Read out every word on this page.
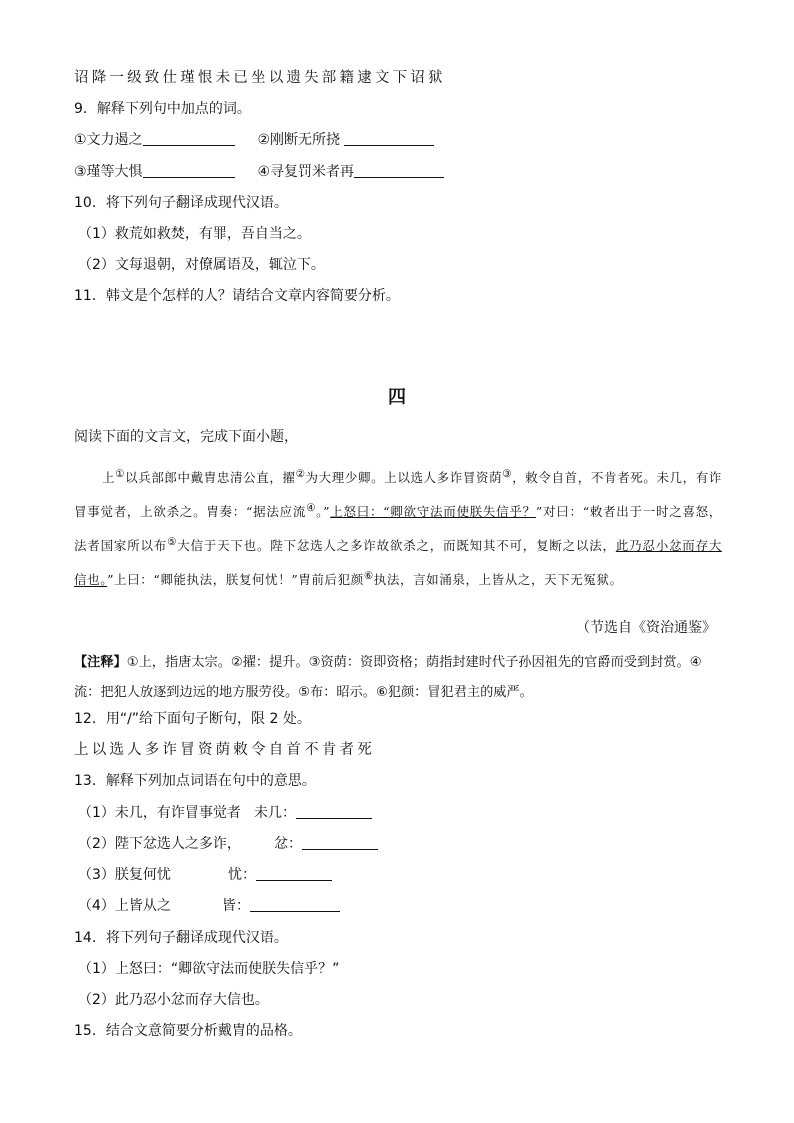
诏降一级致仕瑾恨未已坐以遗失部籍逮文下诏狱
9．解释下列句中加点的词。
①文力遏之	②刚断无所挠
③瑾等大惧	④寻复罚米者再
10．将下列句子翻译成现代汉语。
（1）救荒如救焚，有罪，吾自当之。
（2）文每退朝，对僚属语及，辄泣下。
11．韩文是个怎样的人？请结合文章内容简要分析。
四
阅读下面的文言文，完成下面小题，
上①以兵部郎中戴胄忠清公直，擢②为大理少卿。上以选人多诈冒资荫③，敕令自首，不肯者死。未几，有诈冒事觉者，上欲杀之。胄奏：“据法应流④。”上怒曰：“卿欲守法而使朕失信乎？”对曰：“敕者出于一时之喜怒，法者国家所以布⑤大信于天下也。陛下忿选人之多诈故欲杀之，而既知其不可，复断之以法，此乃忍小忿而存大信也。”上曰：“卿能执法，朕复何忧！”胄前后犯颜⑥执法，言如涌泉，上皆从之，天下无冤狱。
（节选自《资治通鉴》
【注释】①上，指唐太宗。②擢：提升。③资荫：资即资格；荫指封建时代子孙因祖先的官爵而受到封赏。④流：把犯人放逐到边远的地方服劳役。⑤布：昭示。⑥犯颜：冒犯君主的威严。
12．用“/”给下面句子断句，限 2 处。
上以选人多诈冒资荫敕令自首不肯者死
13．解释下列加点词语在句中的意思。
（1）未几，有诈冒事觉者 未几：
（2）陛下忿选人之多诈， 忿：
（3）朕复何忧	忧：
（4）上皆从之	皆：
14．将下列句子翻译成现代汉语。
（1）上怒曰：“卿欲守法而使朕失信乎？”
（2）此乃忍小忿而存大信也。
15．结合文意简要分析戴胄的品格。
